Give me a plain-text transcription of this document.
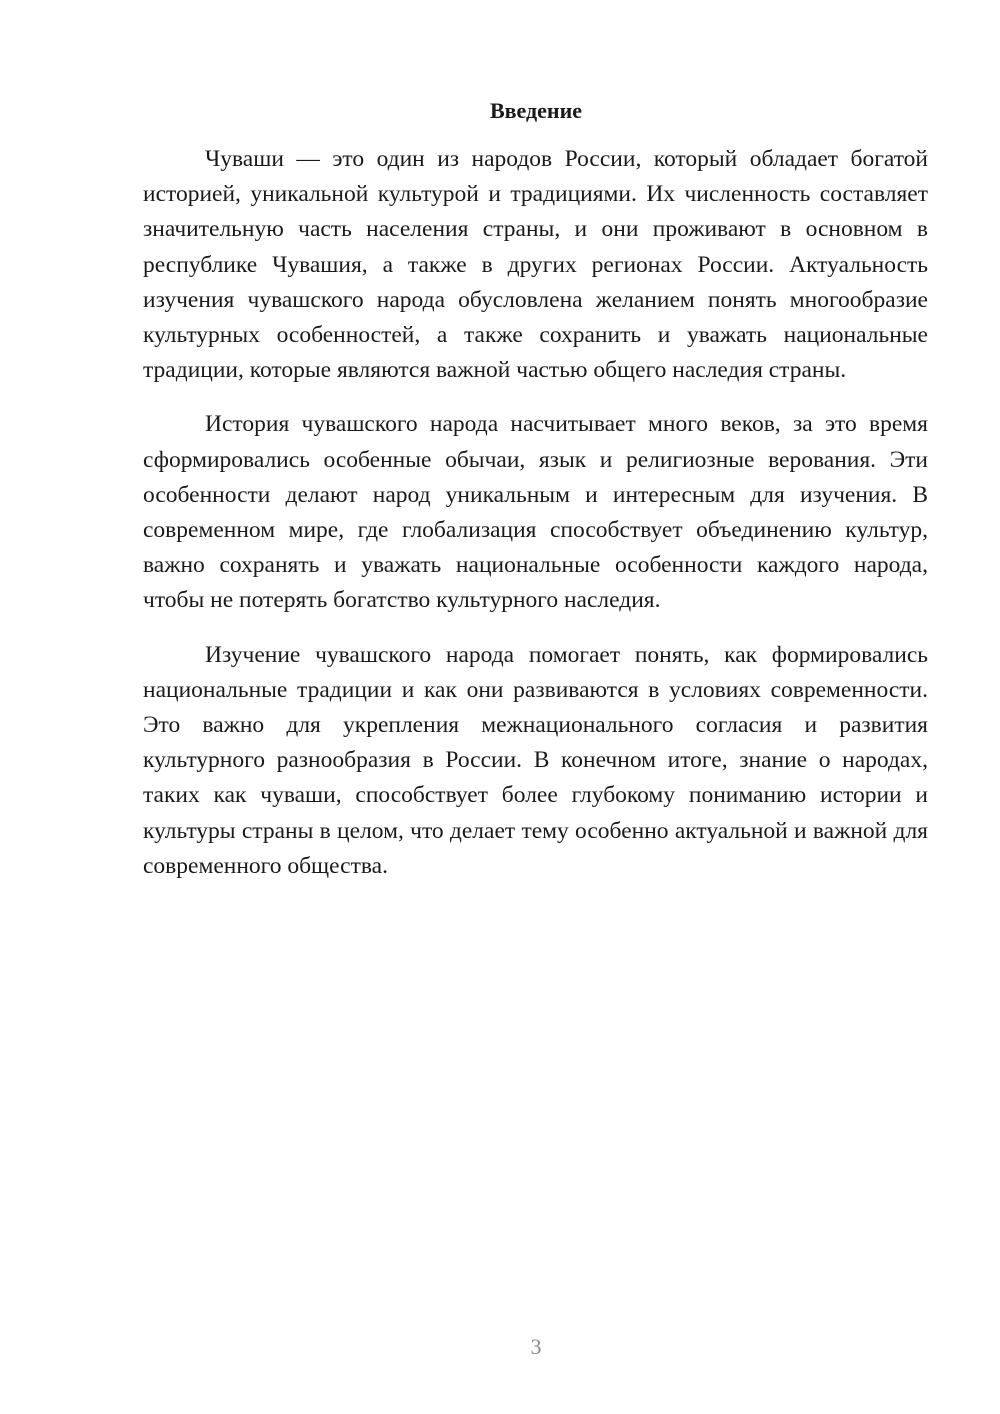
Введение

Чуваши — это один из народов России, который обладает богатой историей, уникальной культурой и традициями. Их численность составляет значительную часть населения страны, и они проживают в основном в республике Чувашия, а также в других регионах России. Актуальность изучения чувашского народа обусловлена желанием понять многообразие культурных особенностей, а также сохранить и уважать национальные традиции, которые являются важной частью общего наследия страны.

История чувашского народа насчитывает много веков, за это время сформировались особенные обычаи, язык и религиозные верования. Эти особенности делают народ уникальным и интересным для изучения. В современном мире, где глобализация способствует объединению культур, важно сохранять и уважать национальные особенности каждого народа, чтобы не потерять богатство культурного наследия.

Изучение чувашского народа помогает понять, как формировались национальные традиции и как они развиваются в условиях современности. Это важно для укрепления межнационального согласия и развития культурного разнообразия в России. В конечном итоге, знание о народах, таких как чуваши, способствует более глубокому пониманию истории и культуры страны в целом, что делает тему особенно актуальной и важной для современного общества.

3
